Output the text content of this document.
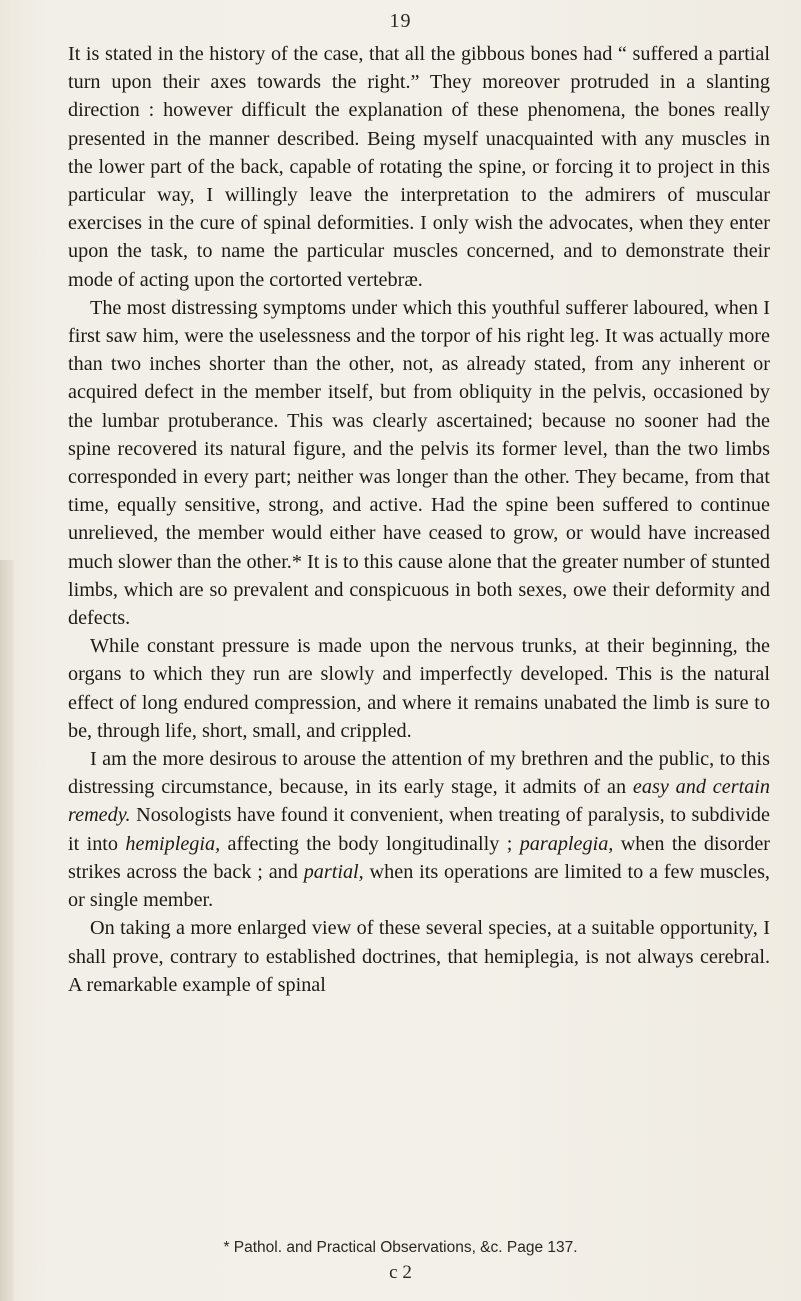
19

It is stated in the history of the case, that all the gibbous bones had “ suffered a partial turn upon their axes towards the right.” They moreover protruded in a slanting direction : however difficult the explanation of these phenomena, the bones really presented in the manner described. Being myself unacquainted with any muscles in the lower part of the back, capable of rotating the spine, or forcing it to project in this particular way, I willingly leave the interpretation to the admirers of muscular exercises in the cure of spinal deformities. I only wish the advocates, when they enter upon the task, to name the particular muscles concerned, and to demonstrate their mode of acting upon the cortorted vertebræ.

The most distressing symptoms under which this youthful sufferer laboured, when I first saw him, were the uselessness and the torpor of his right leg. It was actually more than two inches shorter than the other, not, as already stated, from any inherent or acquired defect in the member itself, but from obliquity in the pelvis, occasioned by the lumbar protuberance. This was clearly ascertained; because no sooner had the spine recovered its natural figure, and the pelvis its former level, than the two limbs corresponded in every part; neither was longer than the other. They became, from that time, equally sensitive, strong, and active. Had the spine been suffered to continue unrelieved, the member would either have ceased to grow, or would have increased much slower than the other.* It is to this cause alone that the greater number of stunted limbs, which are so prevalent and conspicuous in both sexes, owe their deformity and defects.

While constant pressure is made upon the nervous trunks, at their beginning, the organs to which they run are slowly and imperfectly developed. This is the natural effect of long endured compression, and where it remains unabated the limb is sure to be, through life, short, small, and crippled.

I am the more desirous to arouse the attention of my brethren and the public, to this distressing circumstance, because, in its early stage, it admits of an easy and certain remedy. Nosologists have found it convenient, when treating of paralysis, to subdivide it into hemiplegia, affecting the body longitudinally ; paraplegia, when the disorder strikes across the back ; and partial, when its operations are limited to a few muscles, or single member.

On taking a more enlarged view of these several species, at a suitable opportunity, I shall prove, contrary to established doctrines, that hemiplegia, is not always cerebral. A remarkable example of spinal

* Pathol. and Practical Observations, &c. Page 137.
c 2
